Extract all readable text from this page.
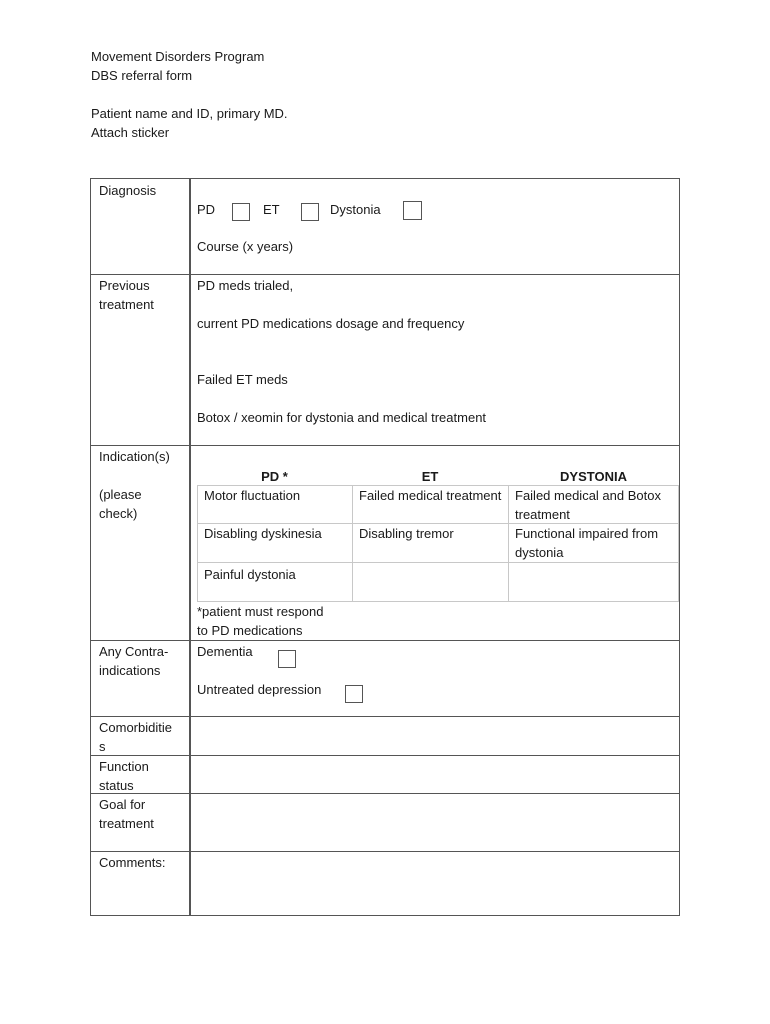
Movement Disorders Program
DBS referral form
Patient name and ID, primary MD.
Attach sticker
Diagnosis
PD	ET	Dystonia
Course (x years)
Previous
treatment
PD meds trialed,
current PD medications dosage and frequency
Failed ET meds
Botox / xeomin for dystonia and medical treatment
Indication(s)
(please
check)
PD *	ET	DYSTONIA
Motor fluctuation	Failed medical treatment	Failed medical and Botox treatment
Disabling dyskinesia	Disabling tremor	Functional impaired from dystonia
Painful dystonia
*patient must respond
to PD medications
Any Contra-
indications
Dementia
Untreated depression
Comorbiditie
s
Function
status
Goal for
treatment
Comments:
